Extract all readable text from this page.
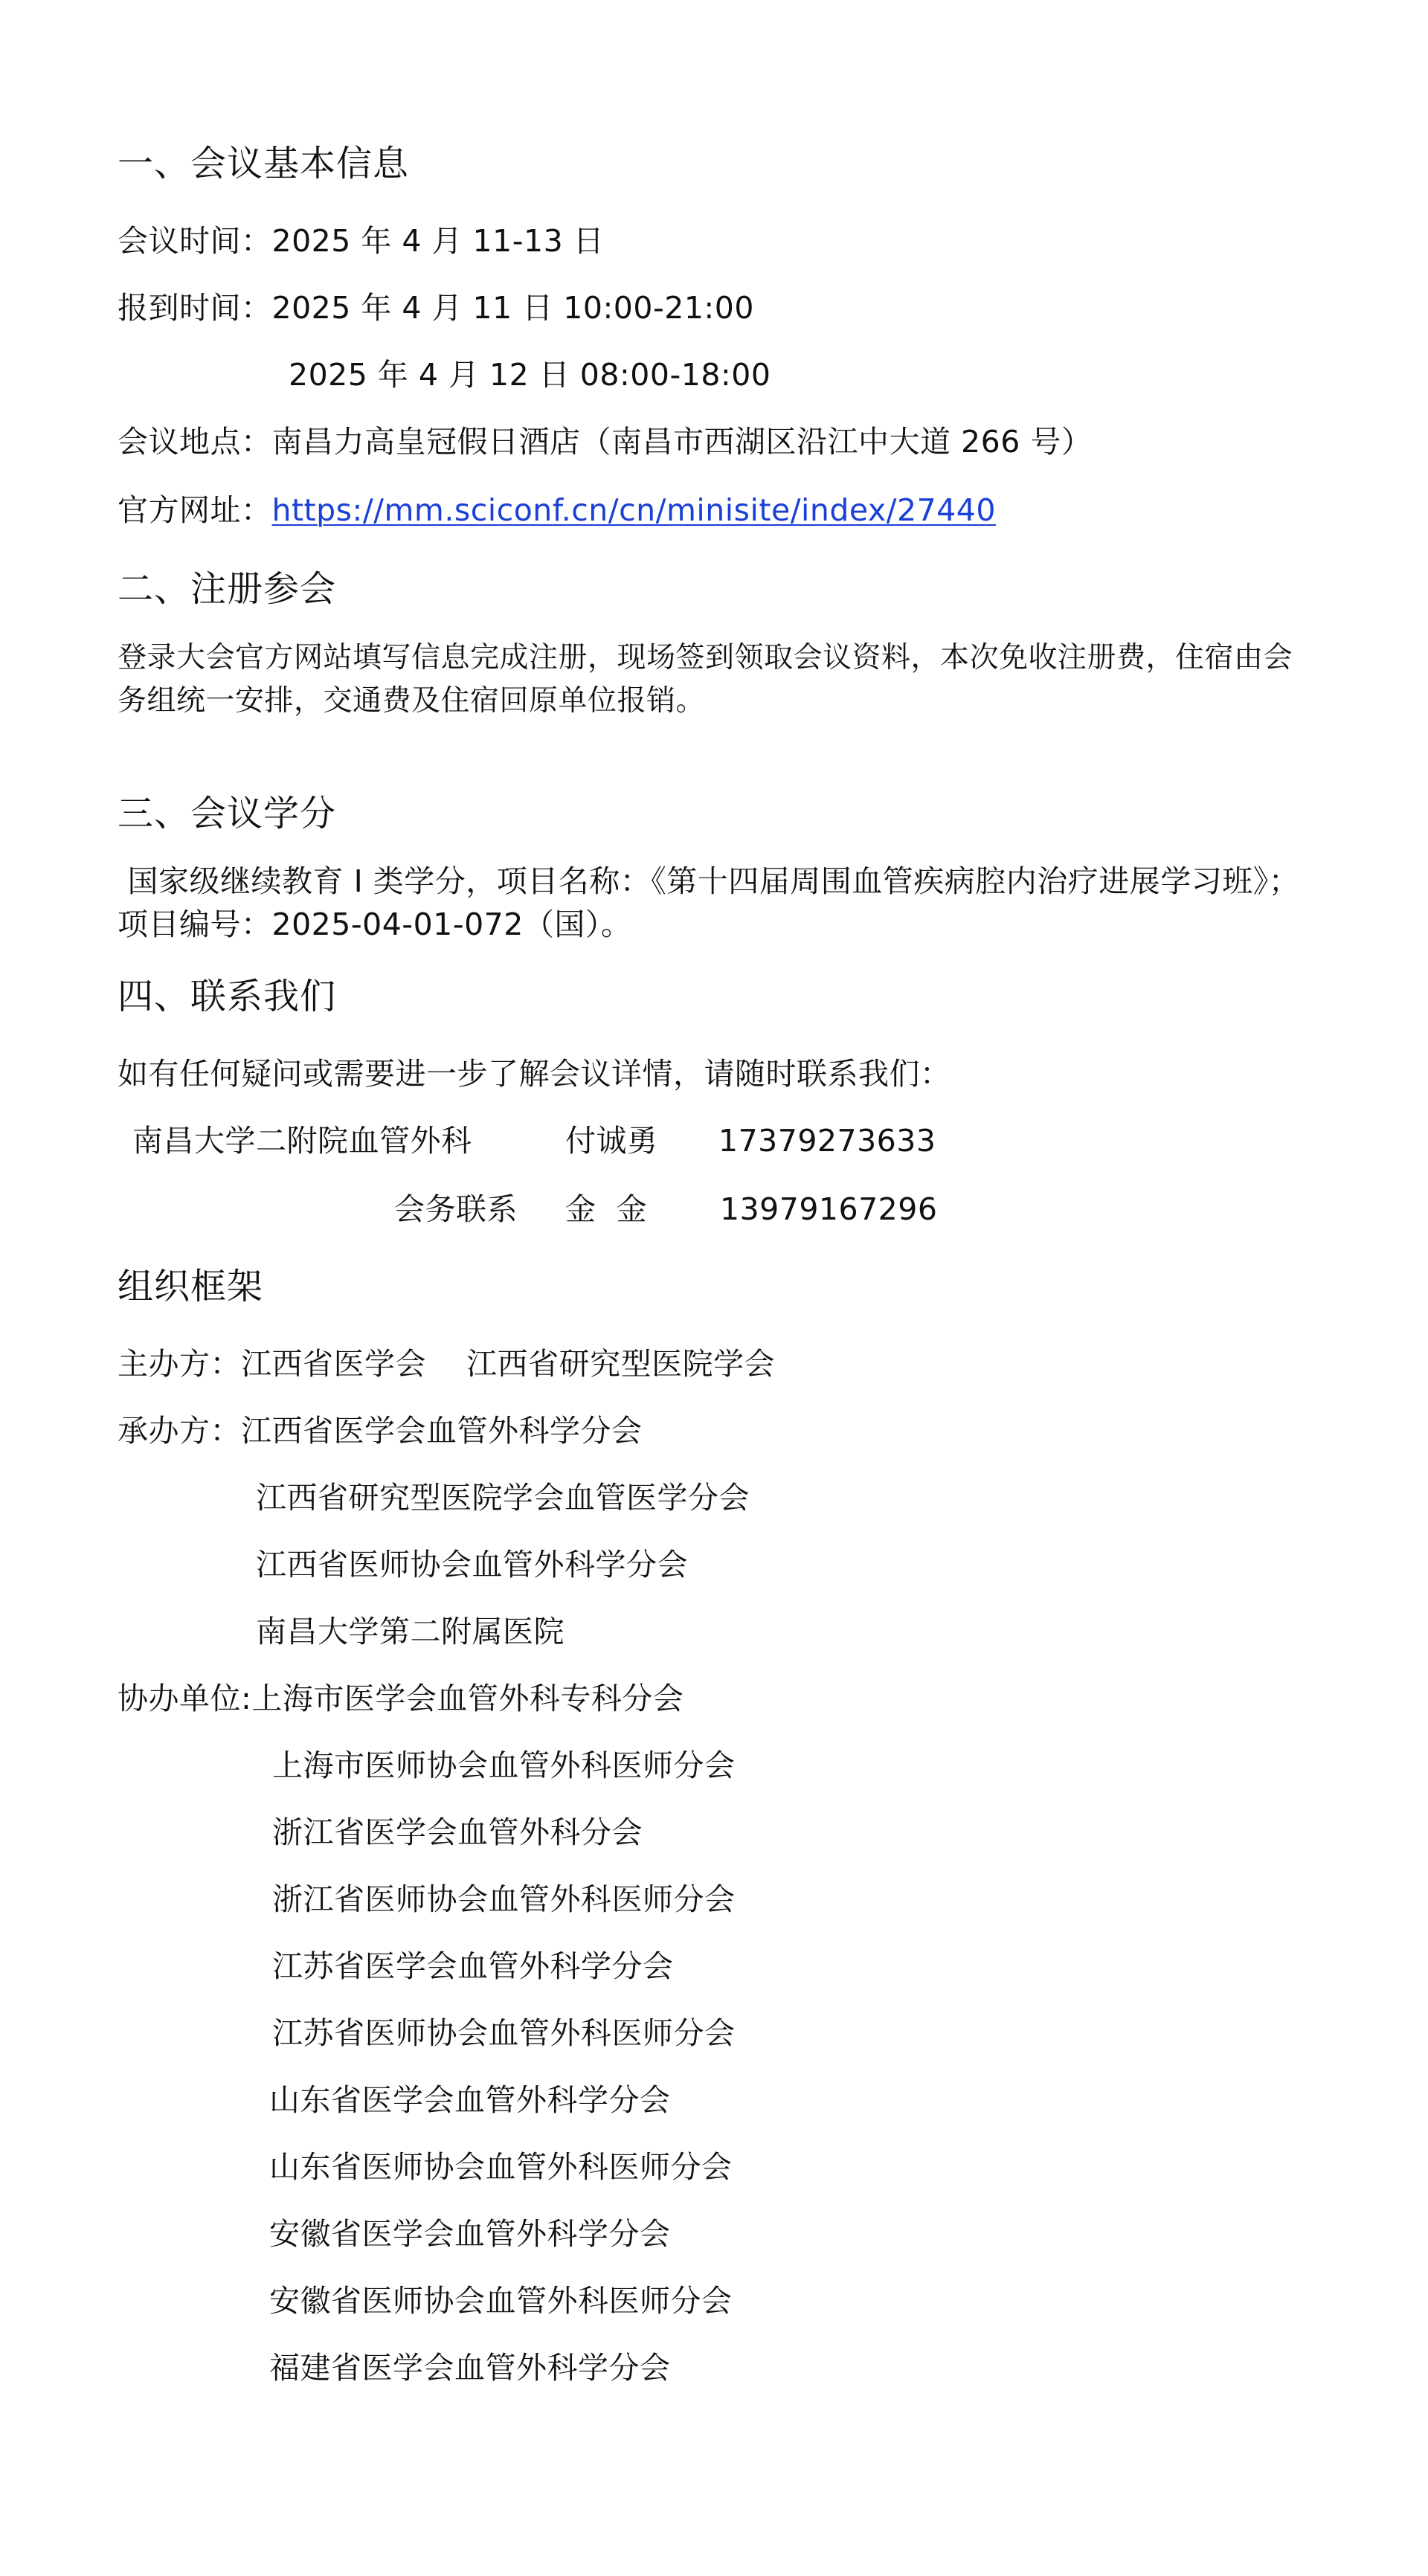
一、会议基本信息
会议时间：2025 年 4 月 11-13 日
报到时间：2025 年 4 月 11 日 10:00-21:00
2025 年 4 月 12 日 08:00-18:00
会议地点：南昌力高皇冠假日酒店（南昌市西湖区沿江中大道 266 号）
官方网址：https://mm.sciconf.cn/cn/minisite/index/27440
二、注册参会
登录大会官方网站填写信息完成注册，现场签到领取会议资料，本次免收注册费，住宿由会务组统一安排，交通费及住宿回原单位报销。
三、会议学分
国家级继续教育 I 类学分，项目名称：《第十四届周围血管疾病腔内治疗进展学习班》；项目编号：2025-04-01-072（国）。
四、联系我们
如有任何疑问或需要进一步了解会议详情，请随时联系我们：
南昌大学二附院血管外科	付诚勇 17379273633
会务联系 金  金 13979167296
组织框架
主办方：江西省医学会    江西省研究型医院学会
承办方：江西省医学会血管外科学分会
江西省研究型医院学会血管医学分会
江西省医师协会血管外科学分会
南昌大学第二附属医院
协办单位:上海市医学会血管外科专科分会
上海市医师协会血管外科医师分会
浙江省医学会血管外科分会
浙江省医师协会血管外科医师分会
江苏省医学会血管外科学分会
江苏省医师协会血管外科医师分会
山东省医学会血管外科学分会
山东省医师协会血管外科医师分会
安徽省医学会血管外科学分会
安徽省医师协会血管外科医师分会
福建省医学会血管外科学分会
